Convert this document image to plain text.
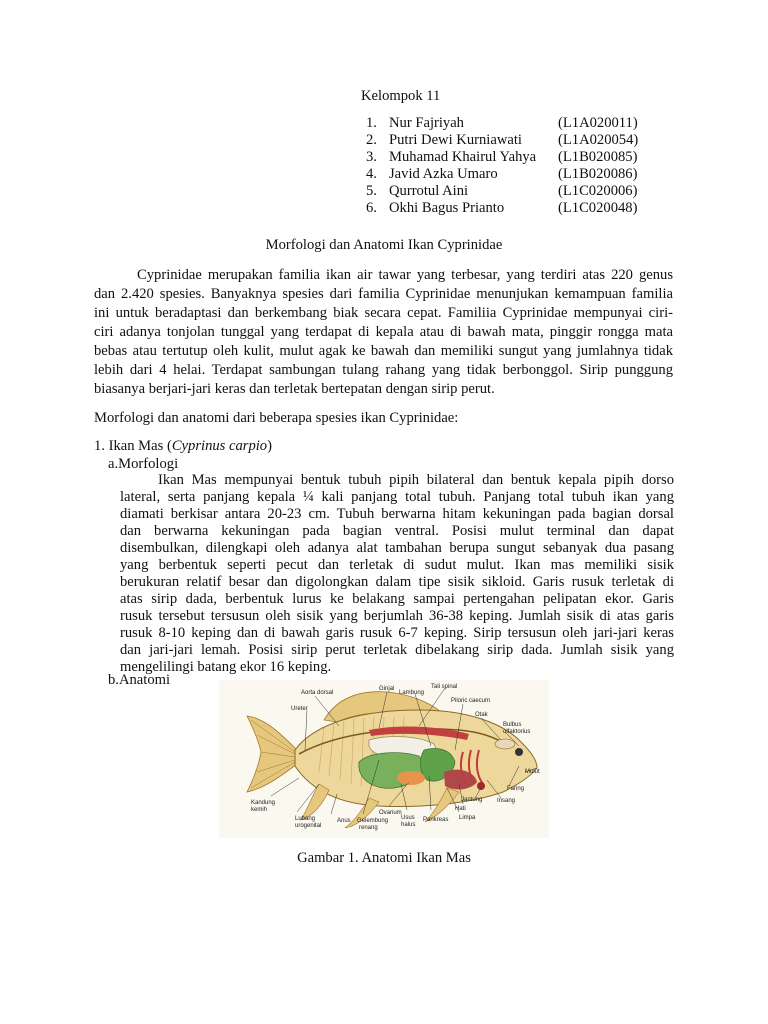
Kelompok 11
1. Nur Fajriyah	(L1A020011)
2. Putri Dewi Kurniawati (L1A020054)
3. Muhamad Khairul Yahya (L1B020085)
4. Javid Azka Umaro	(L1B020086)
5. Qurrotul Aini	(L1C020006)
6. Okhi Bagus Prianto	(L1C020048)
Morfologi dan Anatomi Ikan Cyprinidae
Cyprinidae merupakan familia ikan air tawar yang terbesar, yang terdiri atas 220 genus
dan 2.420 spesies. Banyaknya spesies dari familia Cyprinidae menunjukan kemampuan familia
ini untuk beradaptasi dan berkembang biak secara cepat. Familiia Cyprinidae mempunyai ciri-
ciri adanya tonjolan tunggal yang terdapat di kepala atau di bawah mata, pinggir rongga mata
bebas atau tertutup oleh kulit, mulut agak ke bawah dan memiliki sungut yang jumlahnya tidak
lebih dari 4 helai. Terdapat sambungan tulang rahang yang tidak berbonggol. Sirip punggung
biasanya berjari-jari keras dan terletak bertepatan dengan sirip perut.
Morfologi dan anatomi dari beberapa spesies ikan Cyprinidae:
1. Ikan Mas (Cyprinus carpio)
a.Morfologi
Ikan Mas mempunyai bentuk tubuh pipih bilateral dan bentuk kepala pipih dorso
lateral, serta panjang kepala ¼ kali panjang total tubuh. Panjang total tubuh ikan yang
diamati berkisar antara 20-23 cm. Tubuh berwarna hitam kekuningan pada bagian dorsal
dan berwarna kekuningan pada bagian ventral. Posisi mulut terminal dan dapat
disembulkan, dilengkapi oleh adanya alat tambahan berupa sungut sebanyak dua pasang
yang berbentuk seperti pecut dan terletak di sudut mulut. Ikan mas memiliki sisik
berukuran relatif besar dan digolongkan dalam tipe sisik sikloid. Garis rusuk terletak di
atas sirip dada, berbentuk lurus ke belakang sampai pertengahan pelipatan ekor. Garis
rusuk tersebut tersusun oleh sisik yang berjumlah 36-38 keping. Jumlah sisik di atas garis
rusuk 8-10 keping dan di bawah garis rusuk 6-7 keping. Sirip tersusun oleh jari-jari keras
dan jari-jari lemah. Posisi sirip perut terletak dibelakang sirip dada. Jumlah sisik yang
mengelilingi batang ekor 16 keping.
b.Anatomi
Aorta dorsal
Ginjal	Tali spinal
Ureter
Lambung
Piloric caecum
Otak
Bulbus
olfaktorius
Mulut
Faring
Insang
Jantung
Hati
Limpa
Kandung
kemih
Lubang
urogenital
Anus Gelembung
renang
Ovarium
Usus
halus
Pankreas
Gambar 1. Anatomi Ikan Mas
